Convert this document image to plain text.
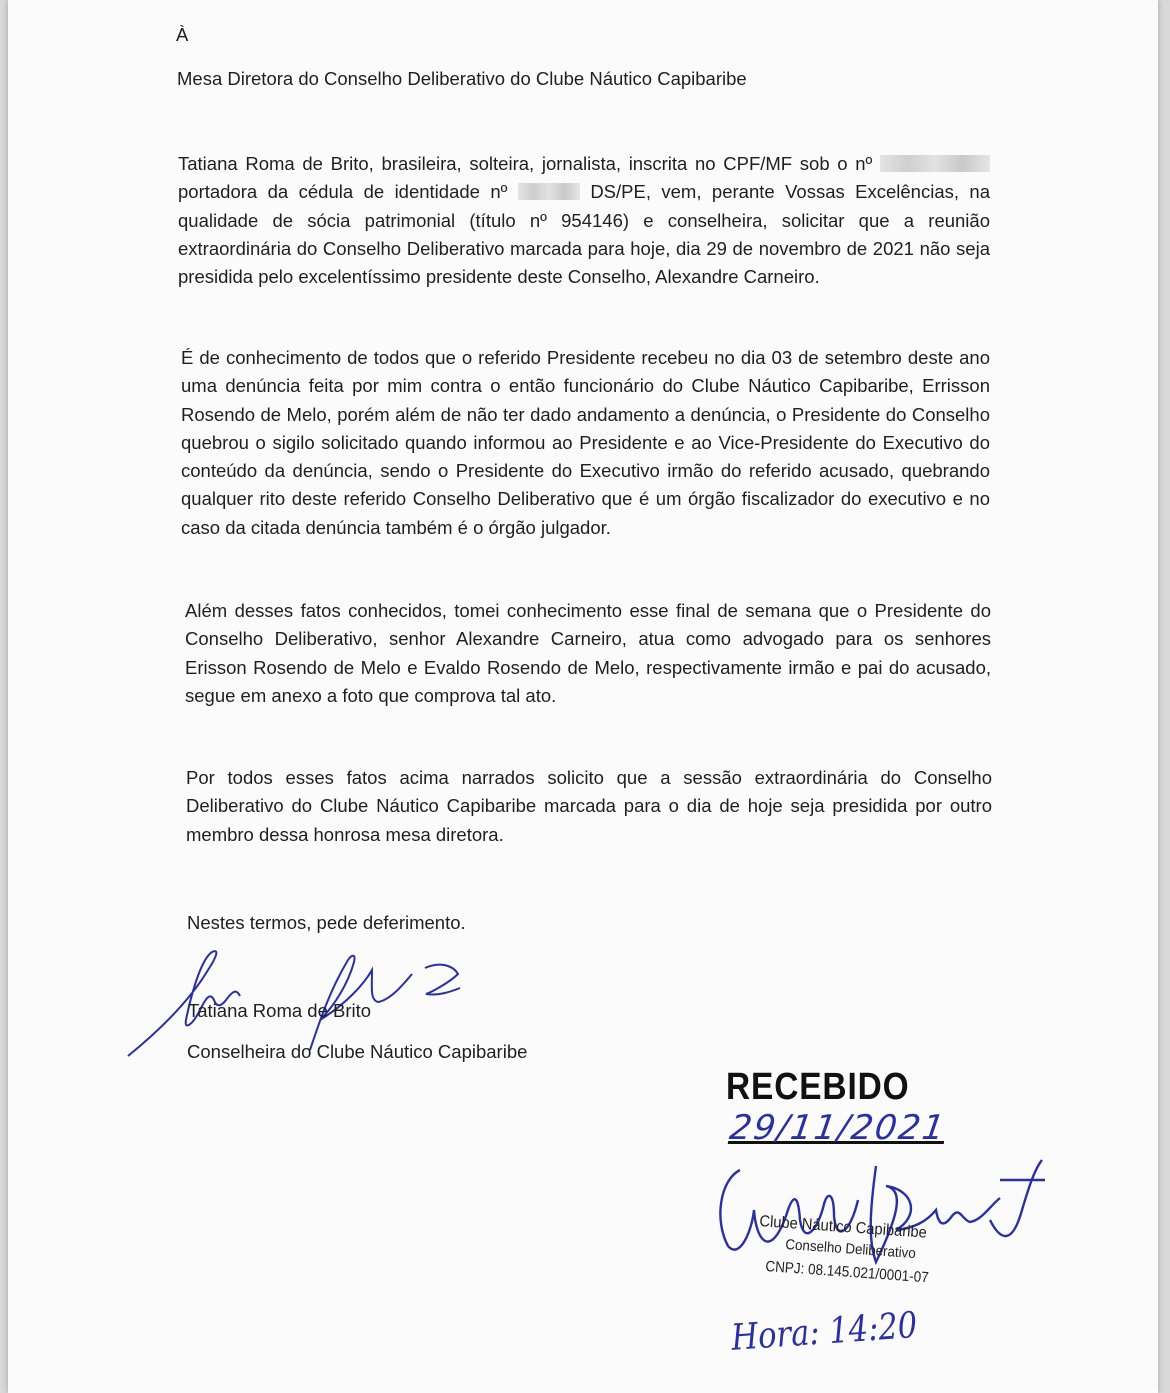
À
Mesa Diretora do Conselho Deliberativo do Clube Náutico Capibaribe

Tatiana Roma de Brito, brasileira, solteira, jornalista, inscrita no CPF/MF sob o nº  portadora da cédula de identidade nº	DS/PE, vem, perante Vossas Excelências, na qualidade de sócia patrimonial (título nº 954146) e conselheira, solicitar que a reunião extraordinária do Conselho Deliberativo marcada para hoje, dia 29 de novembro de 2021 não seja presidida pelo excelentíssimo presidente deste Conselho, Alexandre Carneiro.

É de conhecimento de todos que o referido Presidente recebeu no dia 03 de setembro deste ano uma denúncia feita por mim contra o então funcionário do Clube Náutico Capibaribe, Errisson Rosendo de Melo, porém além de não ter dado andamento a denúncia, o Presidente do Conselho quebrou o sigilo solicitado quando informou ao Presidente e ao Vice-Presidente do Executivo do conteúdo da denúncia, sendo o Presidente do Executivo irmão do referido acusado, quebrando qualquer rito deste referido Conselho Deliberativo que é um órgão fiscalizador do executivo e no caso da citada denúncia também é o órgão julgador.

Além desses fatos conhecidos, tomei conhecimento esse final de semana que o Presidente do Conselho Deliberativo, senhor Alexandre Carneiro, atua como advogado para os senhores Erisson Rosendo de Melo e Evaldo Rosendo de Melo, respectivamente irmão e pai do acusado, segue em anexo a foto que comprova tal ato.

Por todos esses fatos acima narrados solicito que a sessão extraordinária do Conselho Deliberativo do Clube Náutico Capibaribe marcada para o dia de hoje seja presidida por outro membro dessa honrosa mesa diretora.

Nestes termos, pede deferimento.
Tatiana Roma de Brito
Conselheira do Clube Náutico Capibaribe
RECEBIDO
29/11/2021
Clube Náutico Capibaribe
Conselho Deliberativo
CNPJ: 08.145.021/0001-07
Hora: 14:20
